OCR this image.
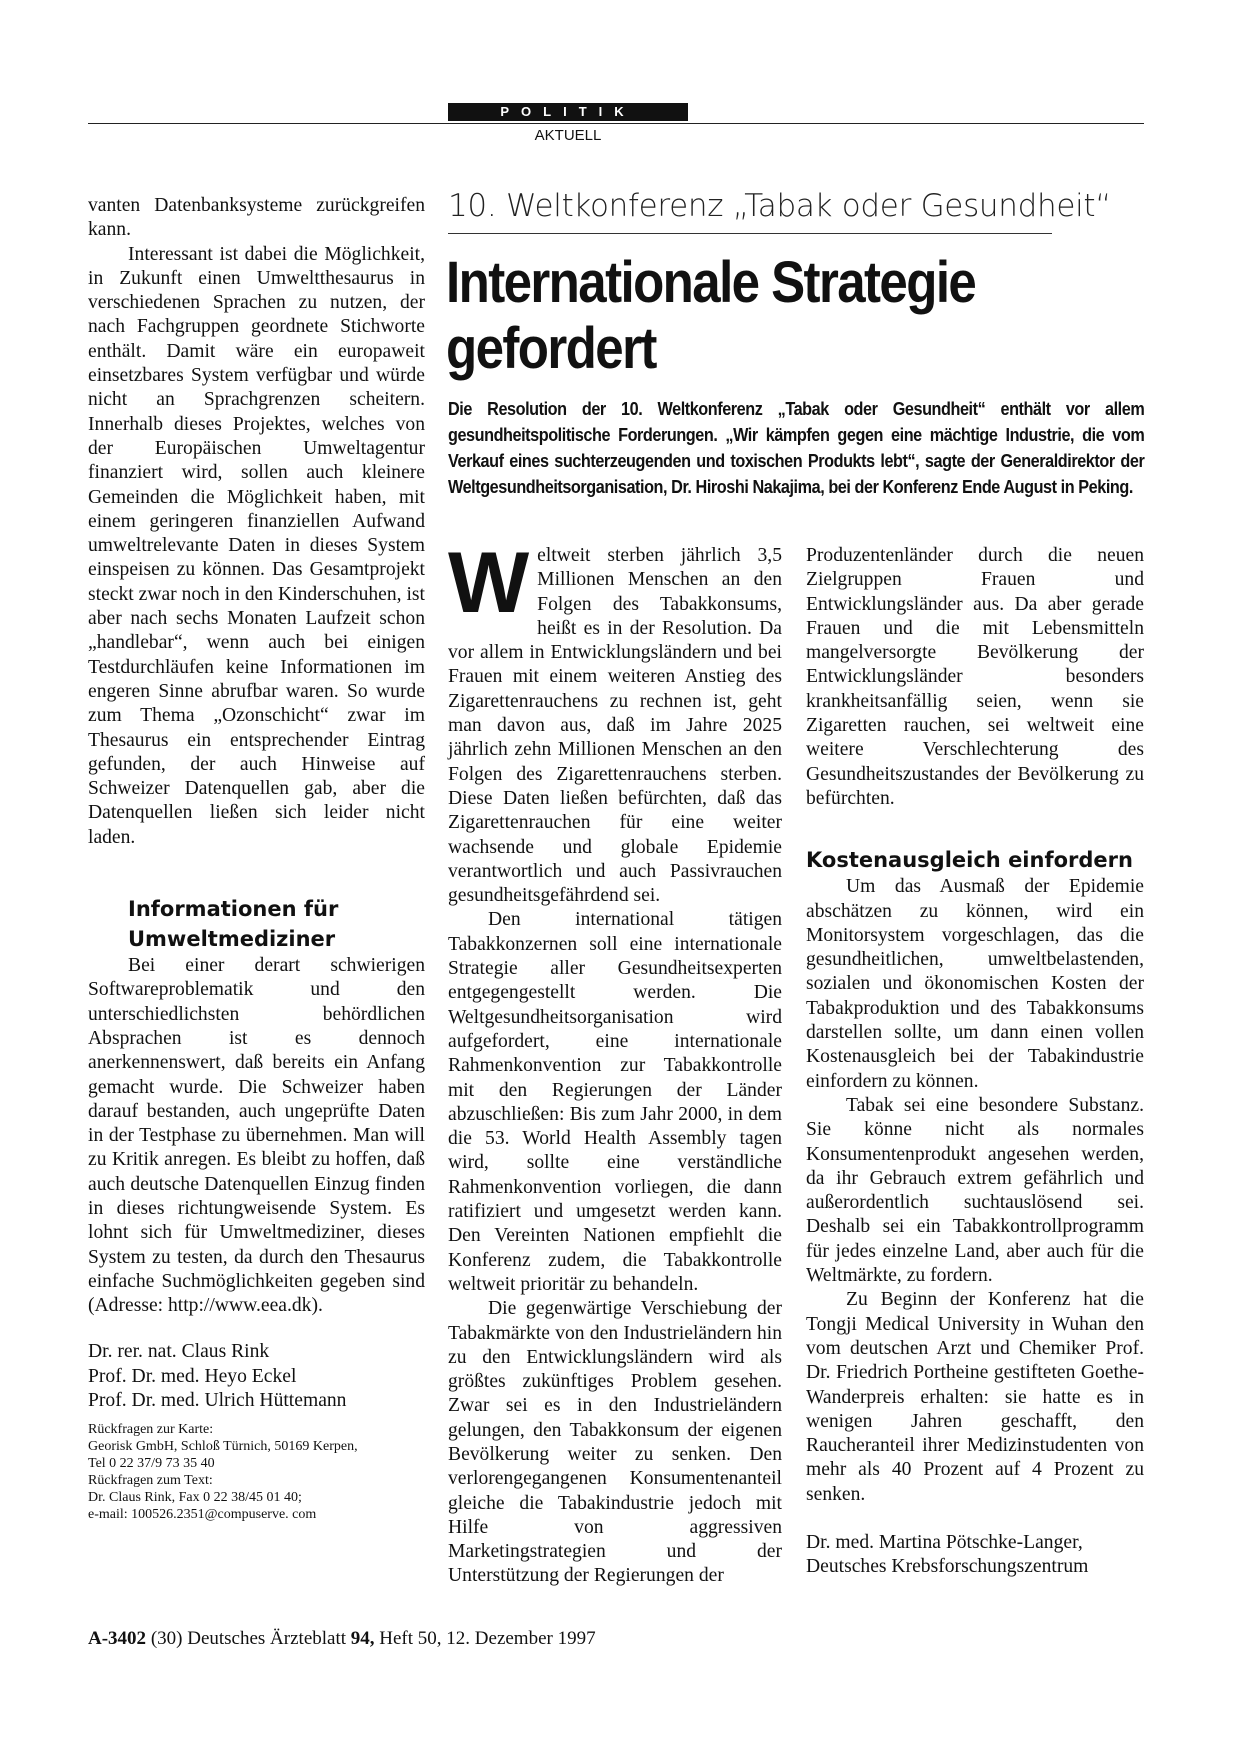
POLITIK
AKTUELL

vanten Datenbanksysteme zurückgreifen kann.

Interessant ist dabei die Möglichkeit, in Zukunft einen Umweltthesaurus in verschiedenen Sprachen zu nutzen, der nach Fachgruppen geordnete Stichworte enthält. Damit wäre ein europaweit einsetzbares System verfügbar und würde nicht an Sprachgrenzen scheitern. Innerhalb dieses Projektes, welches von der Europäischen Umweltagentur finanziert wird, sollen auch kleinere Gemeinden die Möglichkeit haben, mit einem geringeren finanziellen Aufwand umweltrelevante Daten in dieses System einspeisen zu können. Das Gesamtprojekt steckt zwar noch in den Kinderschuhen, ist aber nach sechs Monaten Laufzeit schon „handlebar“, wenn auch bei einigen Testdurchläufen keine Informationen im engeren Sinne abrufbar waren. So wurde zum Thema „Ozonschicht“ zwar im Thesaurus ein entsprechender Eintrag gefunden, der auch Hinweise auf Schweizer Datenquellen gab, aber die Datenquellen ließen sich leider nicht laden.

Informationen für Umweltmediziner

Bei einer derart schwierigen Softwareproblematik und den unterschiedlichsten behördlichen Absprachen ist es dennoch anerkennenswert, daß bereits ein Anfang gemacht wurde. Die Schweizer haben darauf bestanden, auch ungeprüfte Daten in der Testphase zu übernehmen. Man will zu Kritik anregen. Es bleibt zu hoffen, daß auch deutsche Datenquellen Einzug finden in dieses richtungweisende System. Es lohnt sich für Umweltmediziner, dieses System zu testen, da durch den Thesaurus einfache Suchmöglichkeiten gegeben sind (Adresse: http://www.eea.dk).

Dr. rer. nat. Claus Rink

Prof. Dr. med. Heyo Eckel

Prof. Dr. med. Ulrich Hüttemann

Rückfragen zur Karte:

Georisk GmbH, Schloß Türnich, 50169 Kerpen,

Tel 0 22 37/9 73 35 40

Rückfragen zum Text:

Dr. Claus Rink, Fax 0 22 38/45 01 40;

e-mail: 100526.2351@compuserve. com

10. Weltkonferenz „Tabak oder Gesundheit“
Internationale Strategie gefordert

Die Resolution der 10. Weltkonferenz „Tabak oder Gesundheit“ enthält vor allem gesundheitspolitische Forderungen. „Wir kämpfen gegen eine mächtige Industrie, die vom Verkauf eines suchterzeugenden und toxischen Produkts lebt“, sagte der Generaldirektor der Weltgesundheitsorganisation, Dr. Hiroshi Nakajima, bei der Konferenz Ende August in Peking.

Weltweit sterben jährlich 3,5 Millionen Menschen an den Folgen des Tabakkonsums, heißt es in der Resolution. Da vor allem in Entwicklungsländern und bei Frauen mit einem weiteren Anstieg des Zigarettenrauchens zu rechnen ist, geht man davon aus, daß im Jahre 2025 jährlich zehn Millionen Menschen an den Folgen des Zigarettenrauchens sterben. Diese Daten ließen befürchten, daß das Zigarettenrauchen für eine weiter wachsende und globale Epidemie verantwortlich und auch Passivrauchen gesundheitsgefährdend sei.

Den international tätigen Tabakkonzernen soll eine internationale Strategie aller Gesundheitsexperten entgegengestellt werden. Die Weltgesundheitsorganisation wird aufgefordert, eine internationale Rahmenkonvention zur Tabakkontrolle mit den Regierungen der Länder abzuschließen: Bis zum Jahr 2000, in dem die 53. World Health Assembly tagen wird, sollte eine verständliche Rahmenkonvention vorliegen, die dann ratifiziert und umgesetzt werden kann. Den Vereinten Nationen empfiehlt die Konferenz zudem, die Tabakkontrolle weltweit prioritär zu behandeln.

Die gegenwärtige Verschiebung der Tabakmärkte von den Industrieländern hin zu den Entwicklungsländern wird als größtes zukünftiges Problem gesehen. Zwar sei es in den Industrieländern gelungen, den Tabakkonsum der eigenen Bevölkerung weiter zu senken. Den verlorengegangenen Konsumentenanteil gleiche die Tabakindustrie jedoch mit Hilfe von aggressiven Marketingstrategien und der Unterstützung der Regierungen der

Produzentenländer durch die neuen Zielgruppen Frauen und Entwicklungsländer aus. Da aber gerade Frauen und die mit Lebensmitteln mangelversorgte Bevölkerung der Entwicklungsländer besonders krankheitsanfällig seien, wenn sie Zigaretten rauchen, sei weltweit eine weitere Verschlechterung des Gesundheitszustandes der Bevölkerung zu befürchten.

Kostenausgleich einfordern

Um das Ausmaß der Epidemie abschätzen zu können, wird ein Monitorsystem vorgeschlagen, das die gesundheitlichen, umweltbelastenden, sozialen und ökonomischen Kosten der Tabakproduktion und des Tabakkonsums darstellen sollte, um dann einen vollen Kostenausgleich bei der Tabakindustrie einfordern zu können.

Tabak sei eine besondere Substanz. Sie könne nicht als normales Konsumentenprodukt angesehen werden, da ihr Gebrauch extrem gefährlich und außerordentlich suchtauslösend sei. Deshalb sei ein Tabakkontrollprogramm für jedes einzelne Land, aber auch für die Weltmärkte, zu fordern.

Zu Beginn der Konferenz hat die Tongji Medical University in Wuhan den vom deutschen Arzt und Chemiker Prof. Dr. Friedrich Portheine gestifteten Goethe-Wanderpreis erhalten: sie hatte es in wenigen Jahren geschafft, den Raucheranteil ihrer Medizinstudenten von mehr als 40 Prozent auf 4 Prozent zu senken.

Dr. med. Martina Pötschke-Langer,

Deutsches Krebsforschungszentrum

A-3402 (30) Deutsches Ärzteblatt 94, Heft 50, 12. Dezember 1997
